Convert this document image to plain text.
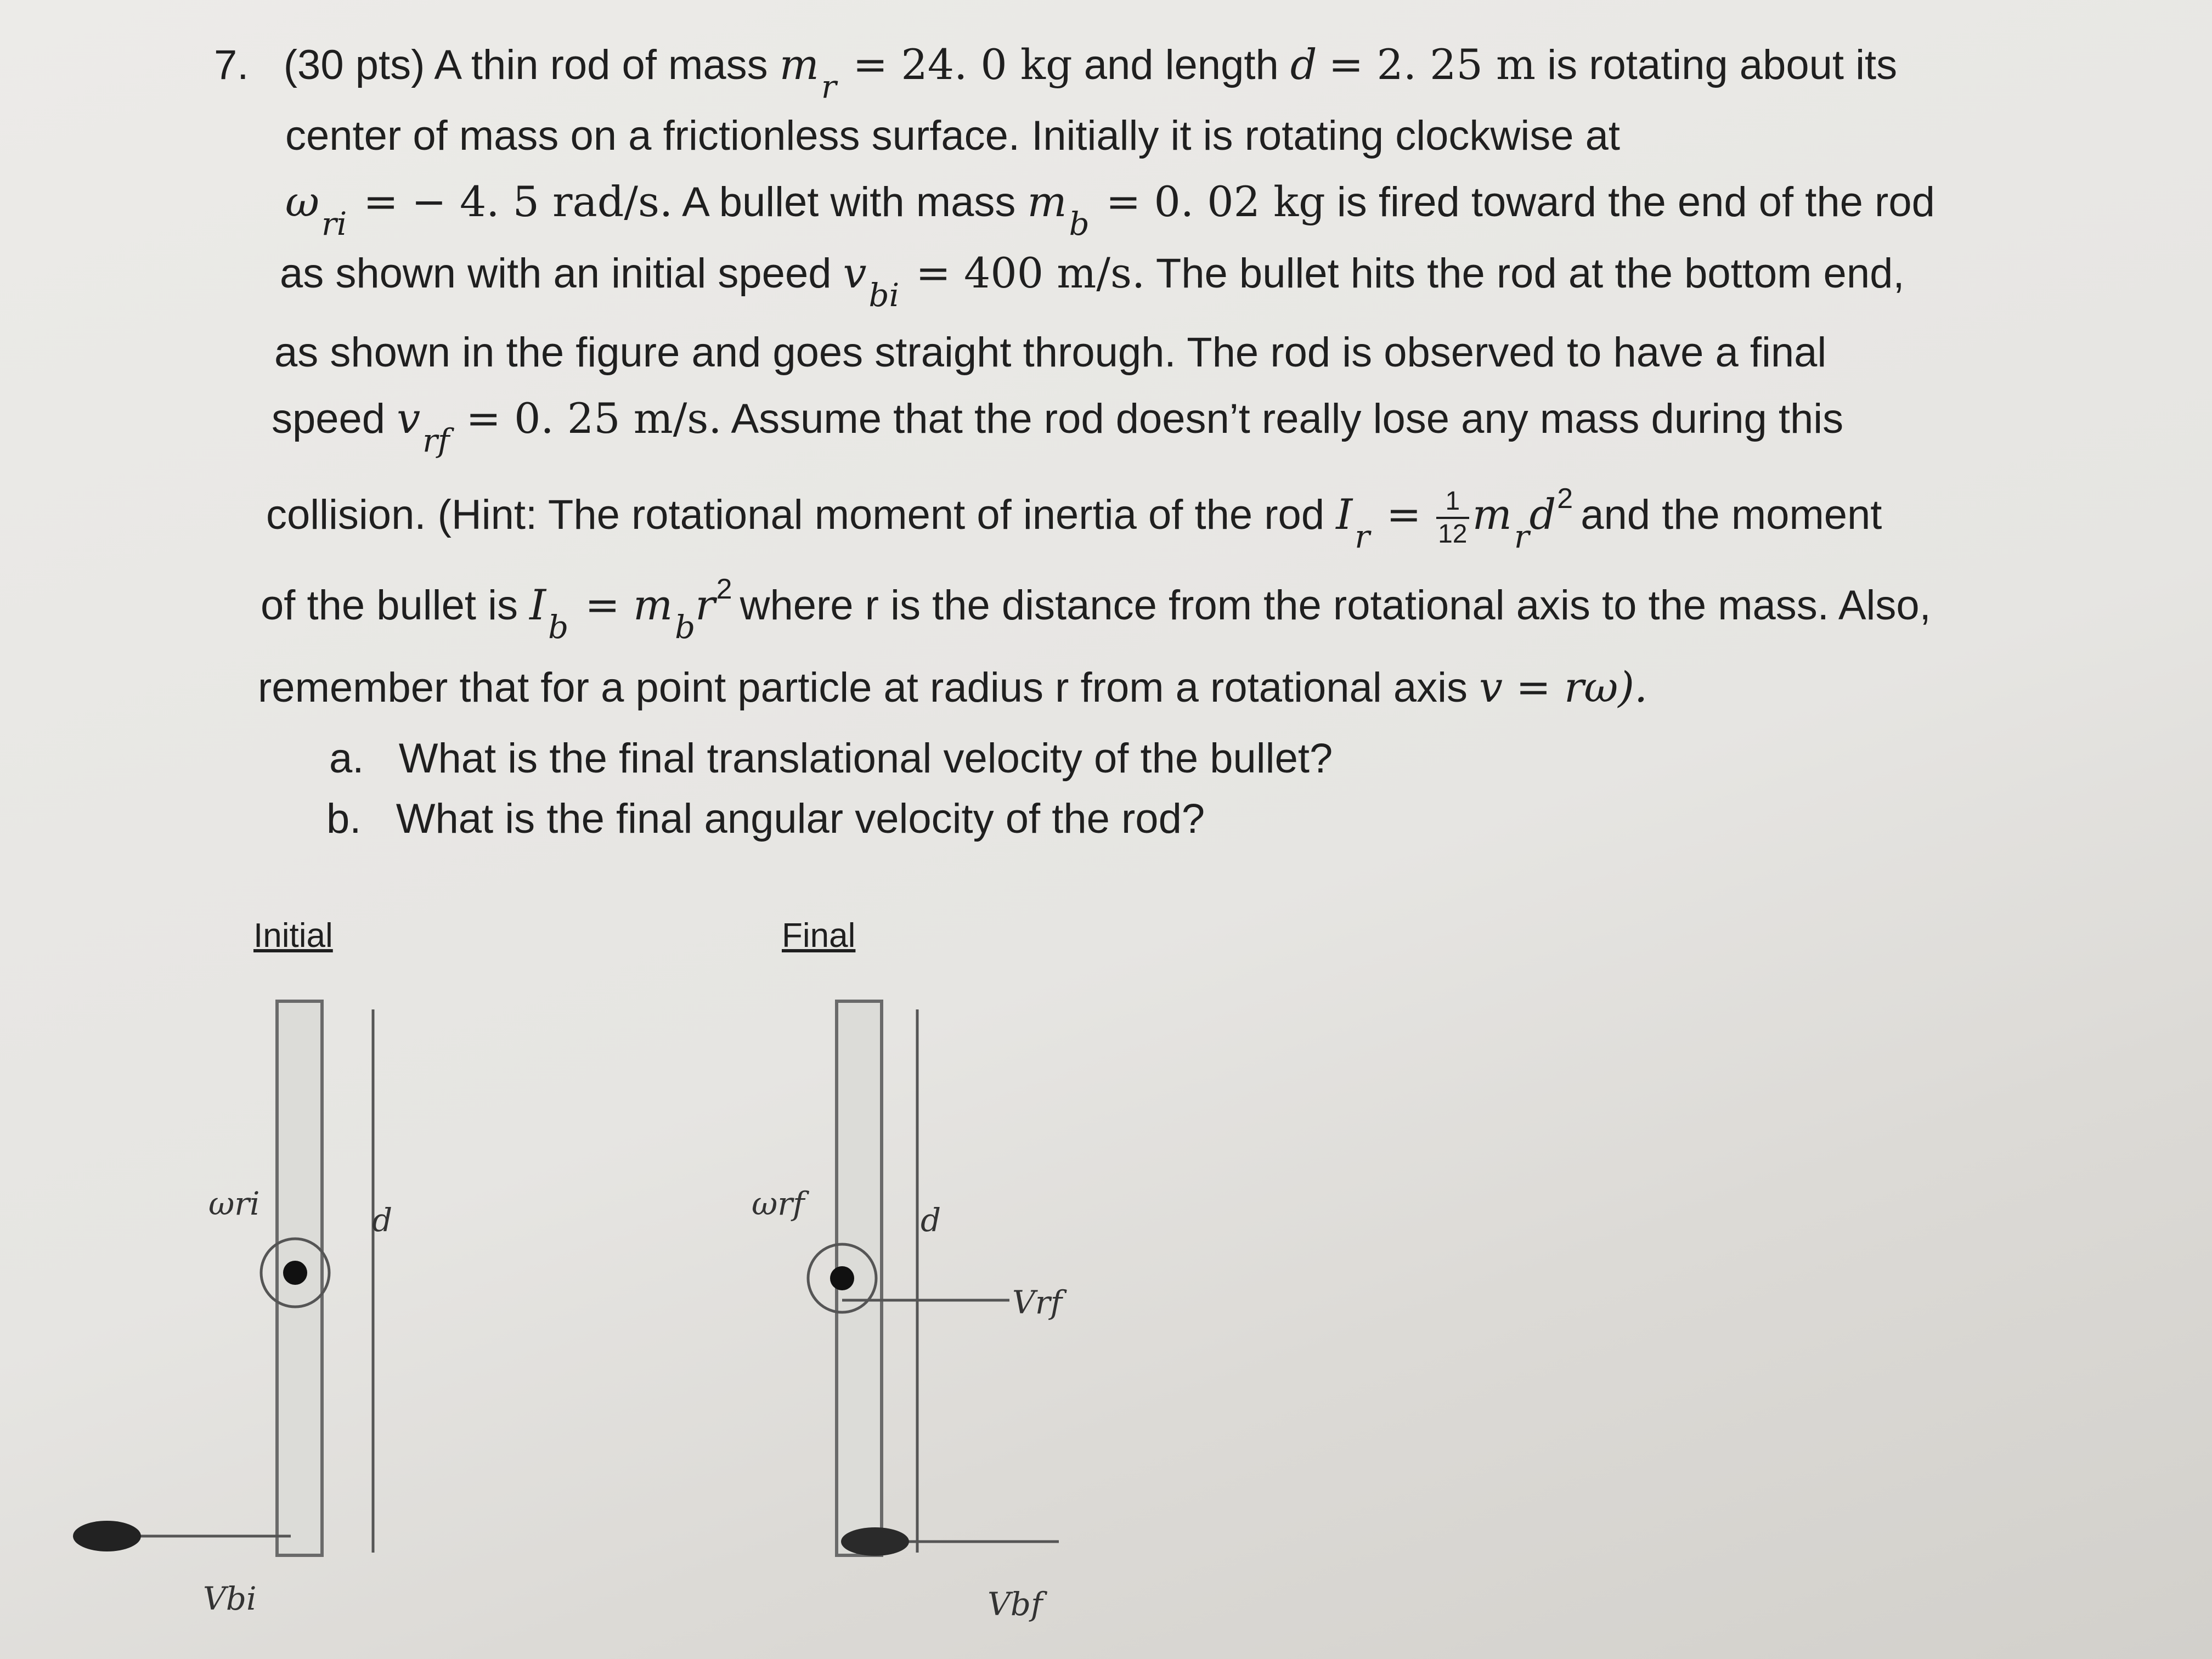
7. (30 pts) A thin rod of mass $m_r = 24$. 0 kg and length d = 2. 25 m is rotating about its
center of mass on a frictionless surface. Initially it is rotating clockwise at
$\omega_{ri}$ = − 4. 5 rad/s. A bullet with mass $m_b = 0$. 02 kg is fired toward the end of the rod
as shown with an initial speed $v_{bi} = 400$ m/s. The bullet hits the rod at the bottom end,
as shown in the figure and goes straight through. The rod is observed to have a final
speed $v_{rf} = 0$. 25 m/s. Assume that the rod doesn’t really lose any mass during this
collision. (Hint: The rotational moment of inertia of the rod $I_r = \frac{1}{12} m_rd^2$ and the moment
of the bullet is $I_b = m_br^2$ where r is the distance from the rotational axis to the mass. Also,
remember that for a point particle at radius r from a rotational axis v = rω).
a. What is the final translational velocity of the bullet?
b. What is the final angular velocity of the rod?
Initial	Final
ωri	ωrf
d	d
Vrf
Vbi	Vbf
